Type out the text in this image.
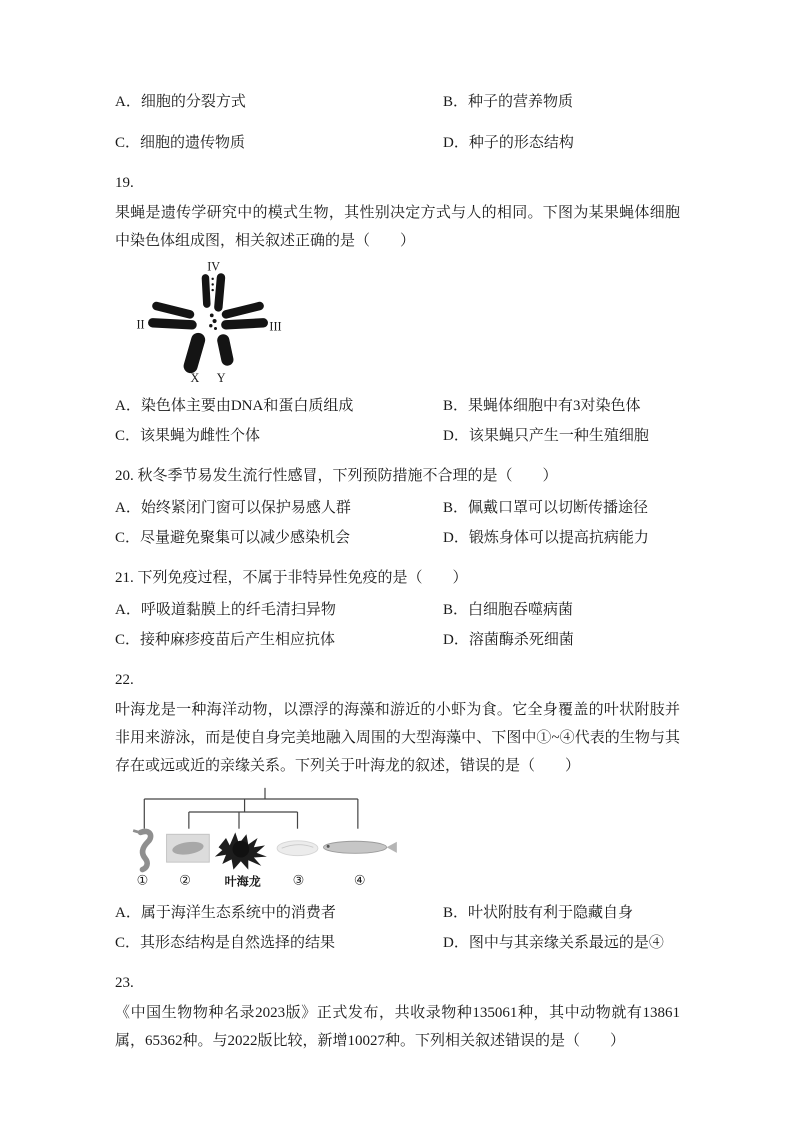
A．细胞的分裂方式	B．种子的营养物质
C．细胞的遗传物质	D．种子的形态结构
19.
果蝇是遗传学研究中的模式生物，其性别决定方式与人的相同。下图为某果蝇体细胞中染色体组成图，相关叙述正确的是（　　）
IV
II	III
X Y
A．染色体主要由DNA和蛋白质组成	B．果蝇体细胞中有3对染色体
C．该果蝇为雌性个体	D．该果蝇只产生一种生殖细胞
20. 秋冬季节易发生流行性感冒，下列预防措施不合理的是（　　）
A．始终紧闭门窗可以保护易感人群	B．佩戴口罩可以切断传播途径
C．尽量避免聚集可以减少感染机会	D．锻炼身体可以提高抗病能力
21. 下列免疫过程，不属于非特异性免疫的是（　　）
A．呼吸道黏膜上的纤毛清扫异物	B．白细胞吞噬病菌
C．接种麻疹疫苗后产生相应抗体	D．溶菌酶杀死细菌
22.
叶海龙是一种海洋动物，以漂浮的海藻和游近的小虾为食。它全身覆盖的叶状附肢并非用来游泳，而是使自身完美地融入周围的大型海藻中、下图中①~④代表的生物与其存在或远或近的亲缘关系。下列关于叶海龙的叙述，错误的是（　　）
① ②	叶海龙 ③	④
A．属于海洋生态系统中的消费者	B．叶状附肢有利于隐藏自身
C．其形态结构是自然选择的结果	D．图中与其亲缘关系最远的是④
23.
《中国生物物种名录2023版》正式发布，共收录物种135061种，其中动物就有13861属，65362种。与2022版比较，新增10027种。下列相关叙述错误的是（　　）
